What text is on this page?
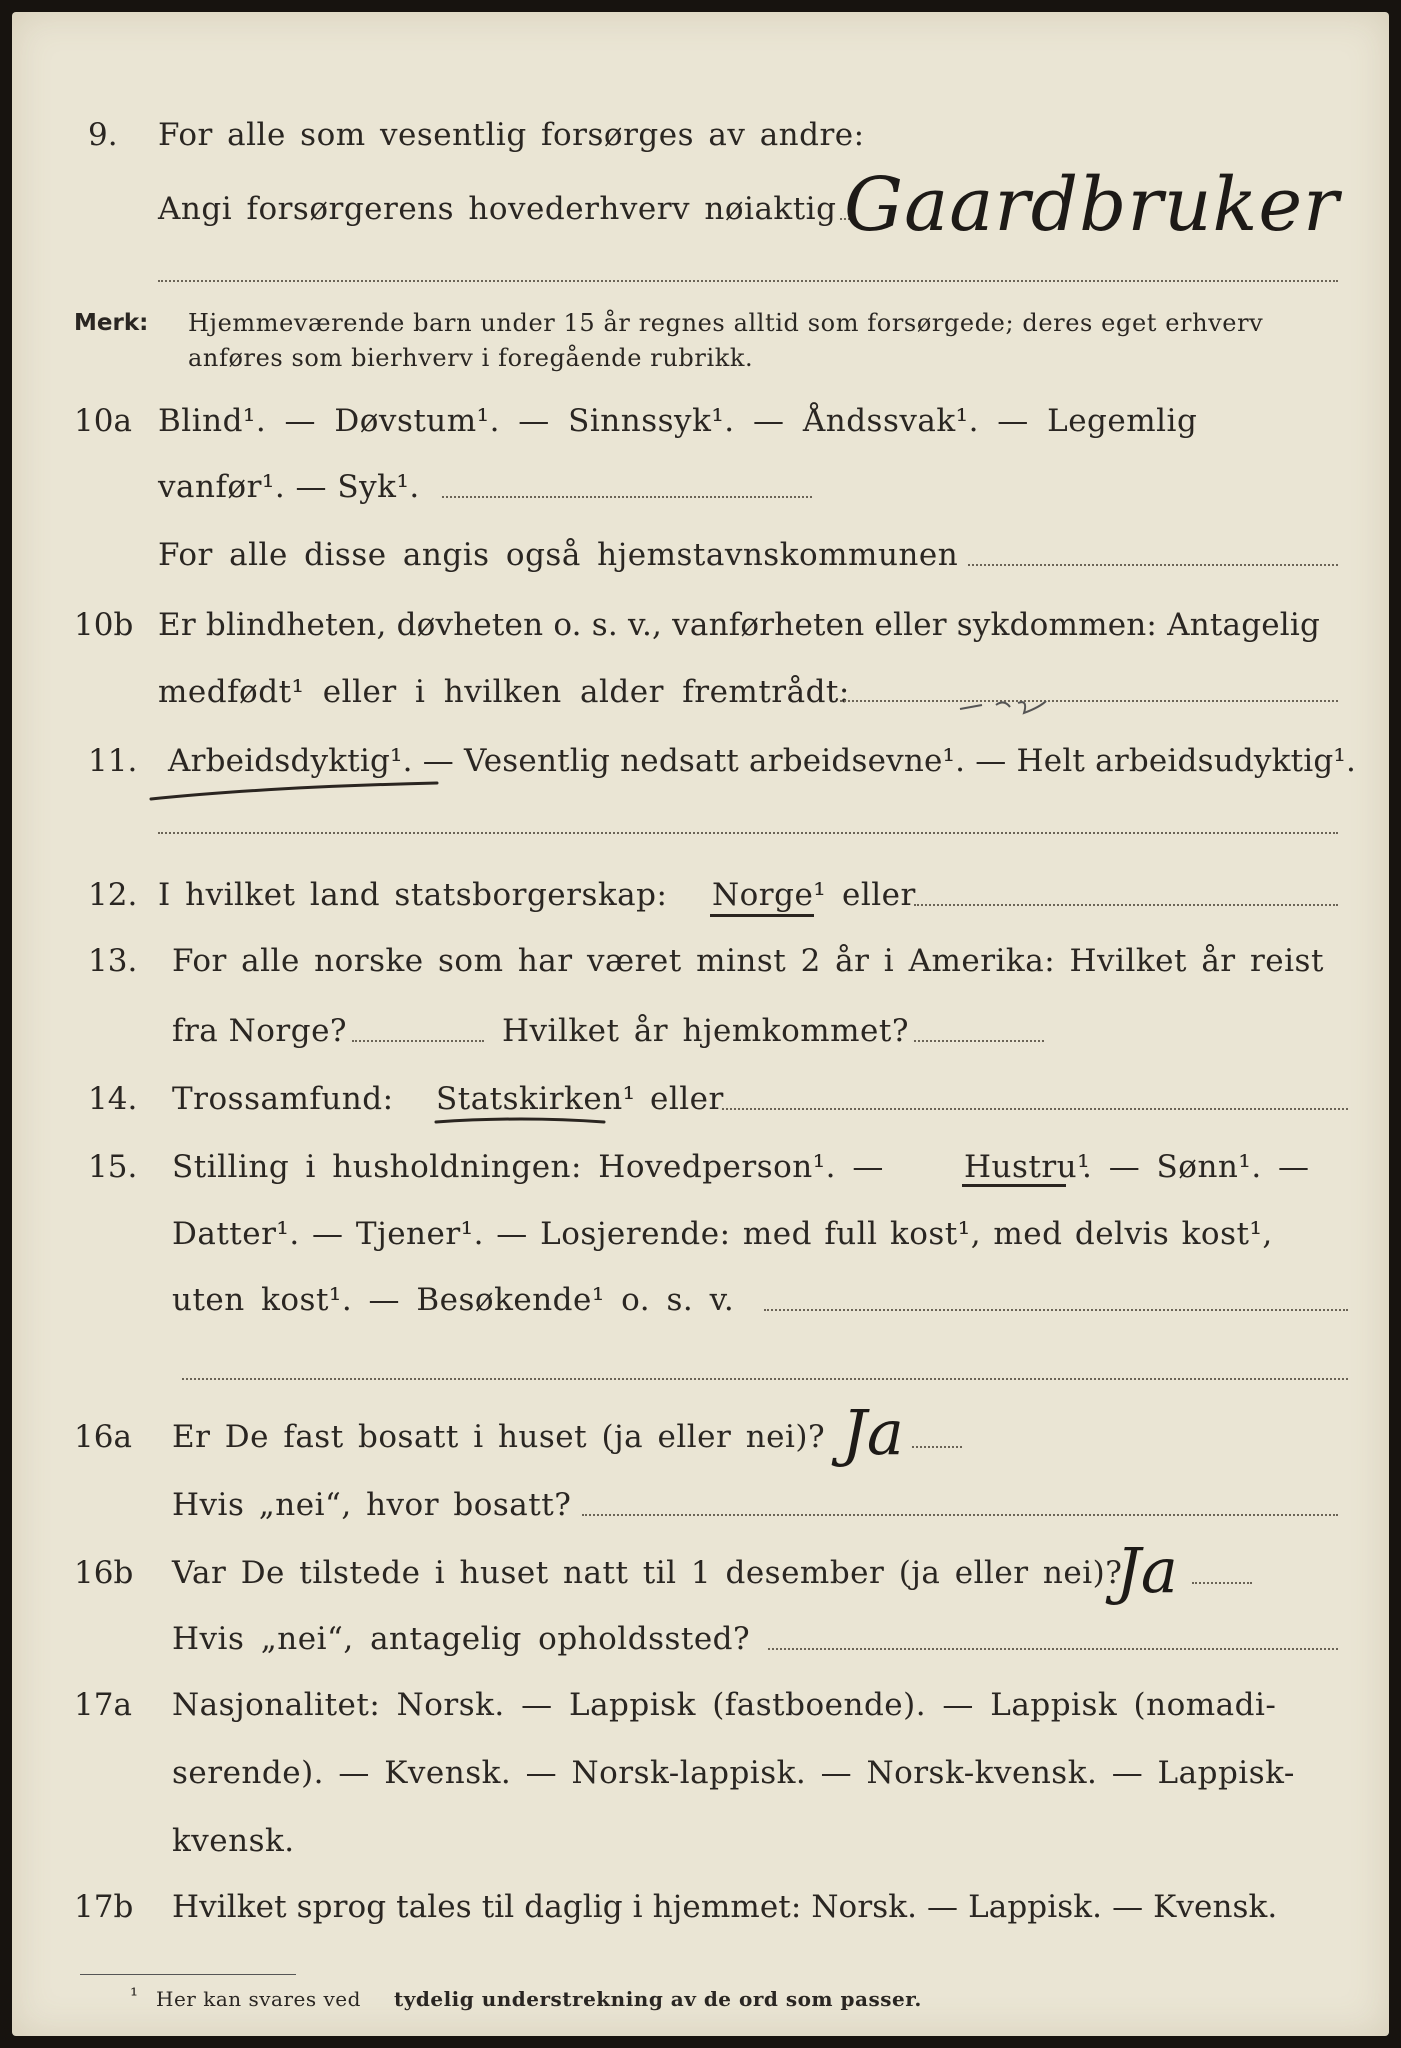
9. For alle som vesentlig forsørges av andre:
Angi forsørgerens hovederhverv nøiaktig Gaardbruker
Merk: Hjemmeværende barn under 15 år regnes alltid som forsørgede; deres eget erhverv
anføres som bierhverv i foregående rubrikk.
10a Blind¹. — Døvstum¹. — Sinnssyk¹. — Åndssvak¹. — Legemlig
vanfør¹. — Syk¹.
For alle disse angis også hjemstavnskommunen
10b Er blindheten, døvheten o. s. v., vanførheten eller sykdommen: Antagelig
medfødt¹ eller i hvilken alder fremtrådt:
11. Arbeidsdyktig¹. — Vesentlig nedsatt arbeidsevne¹. — Helt arbeidsudyktig¹.
12. I hvilket land statsborgerskap: Norge¹ eller
13. For alle norske som har været minst 2 år i Amerika: Hvilket år reist
fra Norge?	Hvilket år hjemkommet?
14. Trossamfund: Statskirken¹ eller
15. Stilling i husholdningen: Hovedperson¹. —	Hustru¹
. — Sønn¹. —
Datter¹. — Tjener¹. — Losjerende: med full kost¹, med delvis kost¹,
uten kost¹. — Besøkende¹ o. s. v.
16a Er De fast bosatt i huset (ja eller nei)? Ja
Hvis „nei“, hvor bosatt?
16b Var De tilstede i huset natt til 1 desember (ja eller nei)?
Ja
Hvis „nei“, antagelig opholdssted?
17a Nasjonalitet: Norsk. — Lappisk (fastboende). — Lappisk (nomadi-
serende). — Kvensk. — Norsk-lappisk. — Norsk-kvensk. — Lappisk-
kvensk.
17b Hvilket sprog tales til daglig i hjemmet: Norsk. — Lappisk. — Kvensk.
¹ Her kan svares ved tydelig understrekning av de ord som passer.
